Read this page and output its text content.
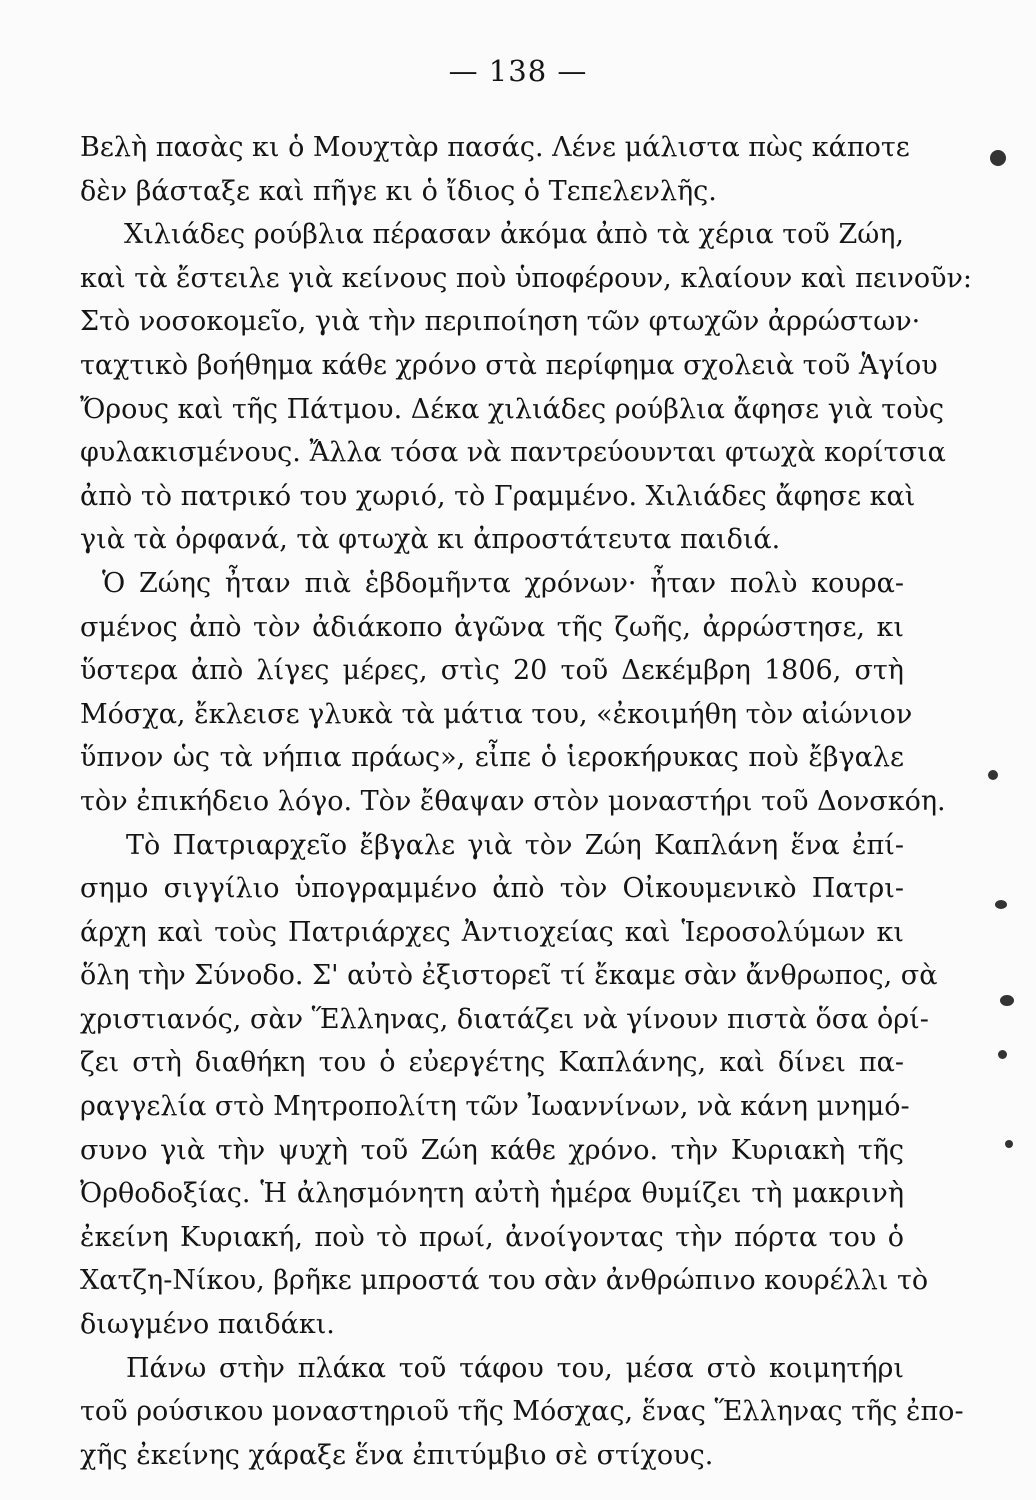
— 138 —
Βελὴ πασὰς κι ὁ Μουχτὰρ πασάς. Λένε μάλιστα πὼς κάποτε
δὲν βάσταξε καὶ πῆγε κι ὁ ἴδιος ὁ Τεπελενλῆς.
Χιλιάδες ρούβλια πέρασαν ἀκόμα ἀπὸ τὰ χέρια τοῦ Ζώη,
καὶ τὰ ἔστειλε γιὰ κείνους ποὺ ὑποφέρουν, κλαίουν καὶ πεινοῦν:
Στὸ νοσοκομεῖο, γιὰ τὴν περιποίηση τῶν φτωχῶν ἀρρώστων·
ταχτικὸ βοήθημα κάθε χρόνο στὰ περίφημα σχολειὰ τοῦ Ἁγίου
Ὄρους καὶ τῆς Πάτμου. Δέκα χιλιάδες ρούβλια ἄφησε γιὰ τοὺς
φυλακισμένους. Ἄλλα τόσα νὰ παντρεύουνται φτωχὰ κορίτσια
ἀπὸ τὸ πατρικό του χωριό, τὸ Γραμμένο. Χιλιάδες ἄφησε καὶ
γιὰ τὰ ὀρφανά, τὰ φτωχὰ κι ἀπροστάτευτα παιδιά.
Ὁ Ζώης ἦταν πιὰ ἑβδομῆντα χρόνων· ἦταν πολὺ κουρα-
σμένος ἀπὸ τὸν ἀδιάκοπο ἀγῶνα τῆς ζωῆς, ἀρρώστησε, κι
ὕστερα ἀπὸ λίγες μέρες, στὶς 20 τοῦ Δεκέμβρη 1806, στὴ
Μόσχα, ἔκλεισε γλυκὰ τὰ μάτια του, «ἐκοιμήθη τὸν αἰώνιον
ὕπνον ὡς τὰ νήπια πράως», εἶπε ὁ ἱεροκήρυκας ποὺ ἔβγαλε
τὸν ἐπικήδειο λόγο. Τὸν ἔθαψαν στὸν μοναστήρι τοῦ Δονσκόη.
Τὸ Πατριαρχεῖο ἔβγαλε γιὰ τὸν Ζώη Καπλάνη ἕνα ἐπί-
σημο σιγγίλιο ὑπογραμμένο ἀπὸ τὸν Οἰκουμενικὸ Πατρι-
άρχη καὶ τοὺς Πατριάρχες Ἀντιοχείας καὶ Ἱεροσολύμων κι
ὅλη τὴν Σύνοδο. Σ' αὐτὸ ἐξιστορεῖ τί ἔκαμε σὰν ἄνθρωπος, σὰ
χριστιανός, σὰν Ἕλληνας, διατάζει νὰ γίνουν πιστὰ ὅσα ὁρί-
ζει στὴ διαθήκη του ὁ εὐεργέτης Καπλάνης, καὶ δίνει πα-
ραγγελία στὸ Μητροπολίτη τῶν Ἰωαννίνων, νὰ κάνη μνημό-
συνο γιὰ τὴν ψυχὴ τοῦ Ζώη κάθε χρόνο. τὴν Κυριακὴ τῆς
Ὀρθοδοξίας. Ἡ ἀλησμόνητη αὐτὴ ἡμέρα θυμίζει τὴ μακρινὴ
ἐκείνη Κυριακή, ποὺ τὸ πρωί, ἀνοίγοντας τὴν πόρτα του ὁ
Χατζη-Νίκου, βρῆκε μπροστά του σὰν ἀνθρώπινο κουρέλλι τὸ
διωγμένο παιδάκι.
Πάνω στὴν πλάκα τοῦ τάφου του, μέσα στὸ κοιμητήρι
τοῦ ρούσικου μοναστηριοῦ τῆς Μόσχας, ἕνας Ἕλληνας τῆς ἐπο-
χῆς ἐκείνης χάραξε ἕνα ἐπιτύμβιο σὲ στίχους.
